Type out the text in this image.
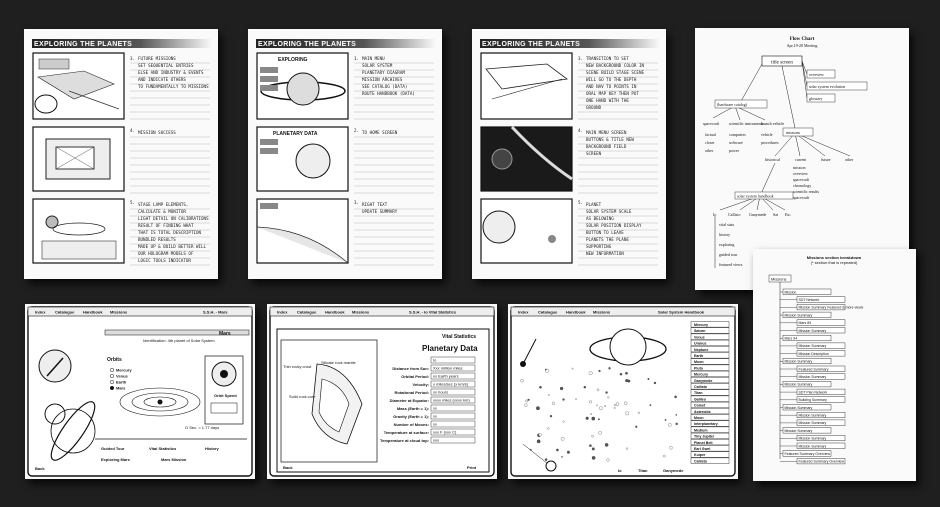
EXPLORING THE PLANETS
3.
4.
5.
FUTURE MISSIONS
SET SEQUENTIAL ENTRIES
ELSE AND INDUSTRY & EVENTS
AND INDICATE OTHERS
TO FUNDAMENTALLY TO MISSIONS
MISSION SUCCESS
STAGE LAMP ELEMENTS,
CALCULATE & MONITOR
LIGHT DETAIL ON CALIBRATIONS
RESULT OF FINDING WHAT
THAT IS TOTAL DESCRIPTION
BUNDLED RESULTS
MADE UP & BUILD BETTER WILL
OUR HOLOGRAM MODELS OF
LOGIC TOOLS INDICATOR
EXPLORING
PLANETARY DATA
EXPLORING THE PLANETS
1.
2.
3.
MAIN MENU
SOLAR SYSTEM
PLANETARY DIAGRAM
MISSION ARCHIVES
SEE CATALOG (DATA)
ROUTE HANDBOOK (DATA)
TO HOME SCREEN
RIGHT TEXT
UPDATE SUMMARY
EXPLORING THE PLANETS
3.
4.
5.
TRANSITION TO SET
NEW BACKGROUND COLOR IN
SCENE BUILD STAGE SCENE
WILL GO TO THE DEPTH
AND NAV TO POINTS IN
ORAL MAP KEY THEN PUT
ONE HAND WITH THE
GROUND
MAIN MENU SCREEN
BUTTONS & TITLE NEW
BACKGROUND FIELD
SCREEN
PLANET
SOLAR SYSTEM SCALE
AS BELOWING
SOLAR POSITION DISPLAY
BUTTON TO LEAVE
PLANETS THE PLANE
SUPPORTING
NEW INFORMATION
Flow Chart
Apr.19-20 Meeting
title screen
overview
solar system evolution
glossary
(hardware catalog)
spacecraft scientific instruments
launch vehicle
factual
closer
other
computers
software
power
vehicle
procedures
missions
historical	current	future	other
mission
overview
spacecraft
chronology
scientific results
spacecraft
solar system handbook
Io	Callisto Ganymede Sat Etc.
vital stats
history
exploring
guided tour
featured views
Missions section breakdown
(* section that is repeated)
Missions
Mission
SDT Network
Mission Summary Featured & more views
Mission Summary
Mars 89
Mission Summary
Mars 94
Mission Summary
Mission Description
Mission Summary
Featured Summary
Mission Summary
Mission Summary
SDT Plan Network
Building Summary
Mission Summary
Mission Summary
Mission Summary
Mission Summary
Mission Summary
Mission Summary
Featured Summary Overview
Featured Summary Overview
Index Catalogue Handbook Missions	S.S.H. - Mars
Mars
Identification: 4th planet of Solar System
Orbits
Mercury
Venus
Earth
Mars
Orbit Speed
O Sec. = 1.77 days
Guided Tour	Vital Statistics	History
Exploring Mars	Mars Mission
Back
Index Catalogue Handbook Missions	S.S.H. - Io Vital Statistics
Vital Statistics
Planetary Data
Thin rocky crust
Silicate rock mantle
Solid rock core
Io
Distance from Sun: Xxx million miles
Orbital Period: xx Earth years
Velocity: x miles/sec (x km/s)
Rotational Period: xx hours
Diameter at Equator: xxxx miles (xxxx km)
Mass (Earth = 1): xx
Gravity (Earth = 1): xx
Number of Moons: xx
Temperature at surface: xxx F (xxx C)
Temperature at cloud top: xxx
Back	Print
Index Catalogue Handbook Missions	Solar System Handbook
Mercury
Saturn
Venus
Uranus
Neptune
Earth
Moon
Pluto
Mercury
Ganymede
Callisto
Titan
Galileo
Comet
Asteroids
Moon
Interplanetary
Medium
Tiny Jupiter
Planet Belt
Earl Gwel
Kuiper
Callisto
Io	Titan	Ganymede
